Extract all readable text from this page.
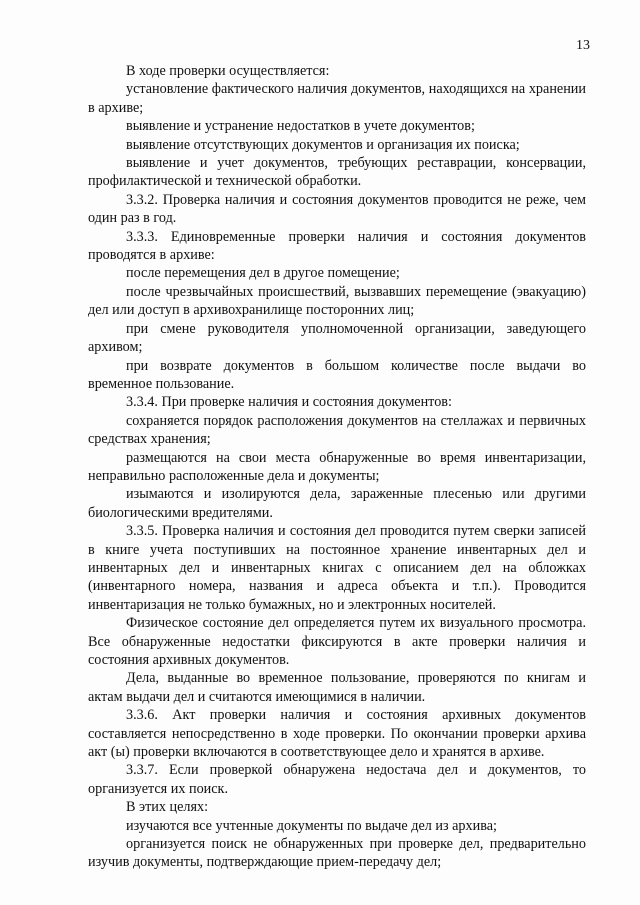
13

В ходе проверки осуществляется:

установление фактического наличия документов, находящихся на хранении в архиве;

выявление и устранение недостатков в учете документов;

выявление отсутствующих документов и организация их поиска;

выявление и учет документов, требующих реставрации, консервации, профилактической и технической обработки.

3.3.2. Проверка наличия и состояния документов проводится не реже, чем один раз в год.

3.3.3. Единовременные проверки наличия и состояния документов проводятся в архиве:

после перемещения дел в другое помещение;

после чрезвычайных происшествий, вызвавших перемещение (эвакуацию) дел или доступ в архивохранилище посторонних лиц;

при смене руководителя уполномоченной организации, заведующего архивом;

при возврате документов в большом количестве после выдачи во временное пользование.

3.3.4. При проверке наличия и состояния документов:

сохраняется порядок расположения документов на стеллажах и первичных средствах хранения;

размещаются на свои места обнаруженные во время инвентаризации, неправильно расположенные дела и документы;

изымаются и изолируются дела, зараженные плесенью или другими биологическими вредителями.

3.3.5. Проверка наличия и состояния дел проводится путем сверки записей в книге учета поступивших на постоянное хранение инвентарных дел и инвентарных дел и инвентарных книгах с описанием дел на обложках (инвентарного номера, названия и адреса объекта и т.п.). Проводится инвентаризация не только бумажных, но и электронных носителей.

Физическое состояние дел определяется путем их визуального просмотра. Все обнаруженные недостатки фиксируются в акте проверки наличия и состояния архивных документов.

Дела, выданные во временное пользование, проверяются по книгам и актам выдачи дел и считаются имеющимися в наличии.

3.3.6. Акт проверки наличия и состояния архивных документов составляется непосредственно в ходе проверки. По окончании проверки архива акт (ы) проверки включаются в соответствующее дело и хранятся в архиве.

3.3.7. Если проверкой обнаружена недостача дел и документов, то организуется их поиск.

В этих целях:

изучаются все учтенные документы по выдаче дел из архива;

организуется поиск не обнаруженных при проверке дел, предварительно изучив документы, подтверждающие прием-передачу дел;
